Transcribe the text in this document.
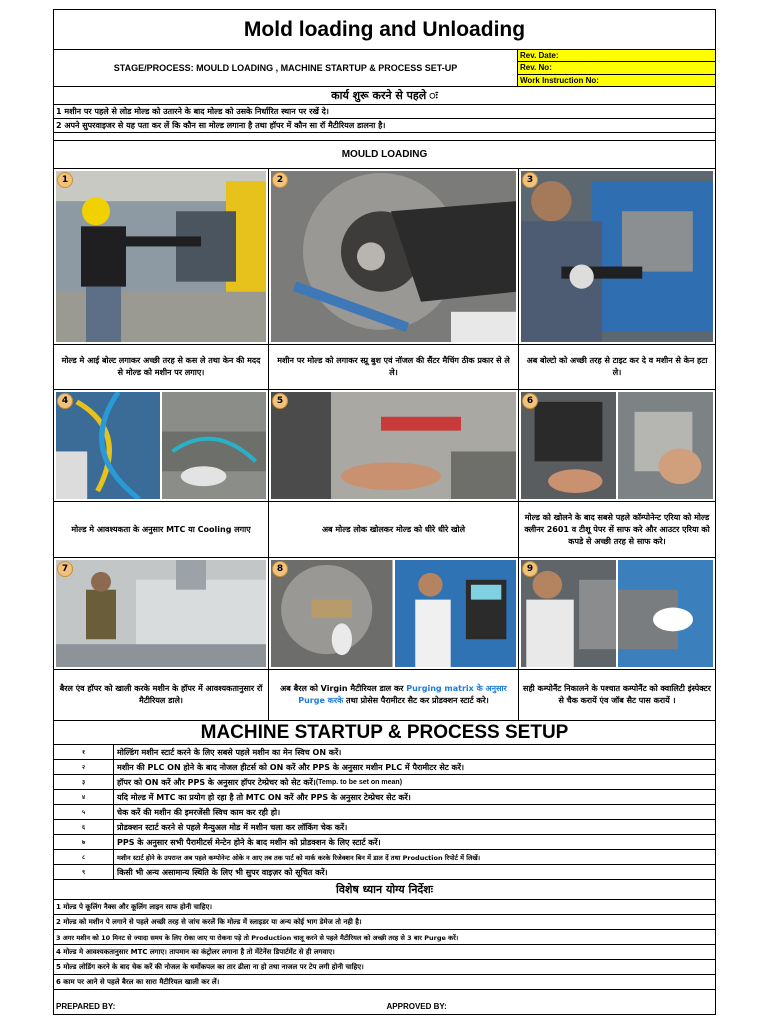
Mold loading and Unloading
STAGE/PROCESS: MOULD LOADING , MACHINE STARTUP & PROCESS SET-UP
Rev. Date:
Rev. No:
Work Instruction No:
कार्य शुरू करने से पहले ः
1 मशीन पर पहले से लोड मोल्ड को उतारने के बाद मोल्ड को उसके निर्धारित स्थान पर रखें दे।
2 अपने सुपरवाइजर से यह पता कर लें कि कौन सा मोल्ड लगाना है तथा हॉपर में कौन सा रॉ मैटीरियल डालना है।
MOULD LOADING
1
मोल्ड मे आई बोल्ट लगाकर अच्छी तरह से कस ले तथा केन की मदद से मोल्ड को मशीन पर लगाए।
2
मशीन पर मोल्ड को लगाकर स्प्रू बुश एवं नॉजल की सैंटर मैचिंग ठीक प्रकार से ले ले।
3
अब बोल्टो को अच्छी तरह से टाइट कर दे व मशीन से केन हटा ले।
4
मोल्ड मे आवश्यकता के अनुसार MTC या Cooling लगाए
5
अब मोल्ड लोक खोलकर मोल्ड को धीरे धीरे खोले
6
मोल्ड को खोलने के बाद सबसे पहले कॉम्पोनेन्ट एरिया को मोल्ड क्लीनर 2601 व टीशू पेपर सें साफ करे और आउटर एरिया को कपडे से अच्छी तरह से साफ करे।
7
बैरल एंव हॉपर को खाली करके मशीन के हॉपर में आवश्यकतानुसार रॉ मैटीरियल डाले।
8
अब बैरल को Virgin मैटीरियल डाल कर Purging matrix के अनुसार Purge करके तथा प्रोसेस पैरामीटर सैट कर प्रोडक्शन स्टार्ट करे।
9
सही कम्पोनैंट निकालने के पश्चात कम्पोनैंट को क्वालिटी इंस्पेक्टर से चैक करायें एंव जॉब सैट पास करायें ।
MACHINE STARTUP & PROCESS SETUP
१	मोल्डिंग मशीन स्टार्ट करने के लिए सबसे पहले मशीन का मेन स्विच ON करें।
२	मशीन की PLC ON होने के बाद नोजल हीटर्स को ON करें और PPS के अनुसार मशीन PLC में पैरामीटर सेट करें।
३	हॉपर को ON करें और PPS के अनुसार हॉपर टेम्प्रेचर को सेट करें। (Temp. to be set on mean)
४	यदि मोल्ड में MTC का प्रयोग हो रहा है तो MTC ON करें और PPS के अनुसार टेम्प्रेचर सेट करें।
५	चेक करें की मशीन की इमरजेंसी स्विच काम कर रही हो।
६	प्रोडक्शन स्टार्ट करने से पहले मैन्युअल मोड में मशीन चला कर लॉकिंग चेक करें।
७	PPS के अनुसार सभी पैरामीटर्स मेन्टेन होने के बाद मशीन को प्रोडक्शन के लिए स्टार्ट करें।
८	मशीन स्टार्ट होने के उपरान्त अब पहले कम्पोनेन्ट ओके न आए तब तक पार्ट को मार्क करके रिजेक्शन बिन में डाल दें तथा Production रिपोर्ट में लिखें।
९	किसी भी अन्य असामान्य स्थिति के लिए भी सुपर वाइज़र को सूचित करें।
विशेष ध्यान योग्य निर्देशः
1 मोल्ड पे कूलिंग नैक्स और कूलिंग लाइन साफ होनी चाहिए।
2 मोल्ड को मशीन पे लगाने से पहले अच्छी तरह से जांच करलें कि मोल्ड में स्लाइडर या अन्य कोई भाग डेमेज तो नही है।
3 अगर मशीन को 10 मिनट से ज्यादा समय के लिए रोका जाए या रोकना पड़े तो Production चालू करने से पहले मैटीरियल को अच्छी तरह से 3 बार Purge करें।
4 मोल्ड मे आवश्यकतानुसार MTC लगाए। तापमान का कंट्रोलर लगाना है तो मेंटेनेंस डिपार्टमेंट से ही लगवाए।
5 मोल्ड लोडिंग करने के बाद चेक करें की नोजल के थर्मोकपल का तार ढीला ना हो तथा नाजल पर टेप लगी होनी चाहिए।
6 काम पर आने से पहले बैरल का सारा मैटीरियल खाली कर लें।
PREPARED BY:	APPROVED BY:
